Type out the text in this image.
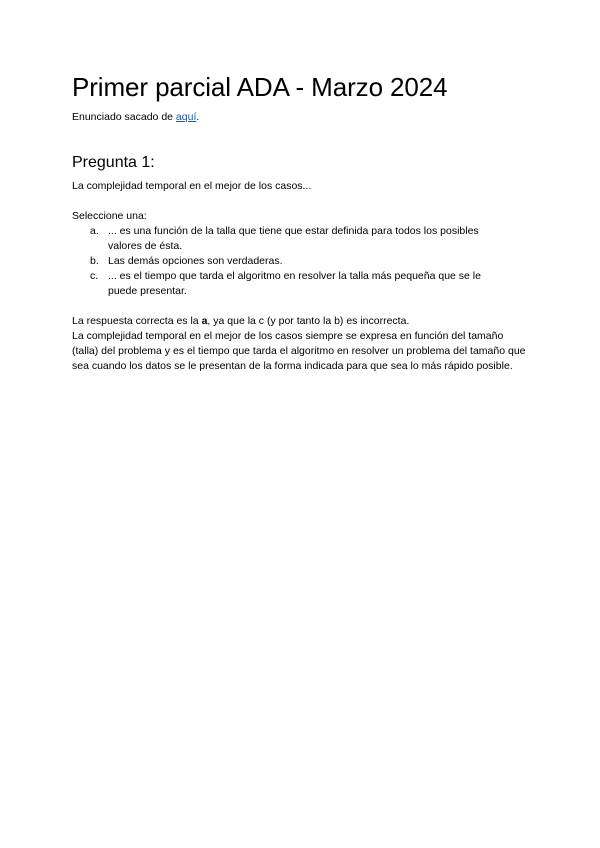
Primer parcial ADA - Marzo 2024
Enunciado sacado de aquí.
Pregunta 1:
La complejidad temporal en el mejor de los casos...
Seleccione una:
a. ... es una función de la talla que tiene que estar definida para todos los posibles valores de ésta.
b. Las demás opciones son verdaderas.
c. ... es el tiempo que tarda el algoritmo en resolver la talla más pequeña que se le puede presentar.
La respuesta correcta es la a, ya que la c (y por tanto la b) es incorrecta.
La complejidad temporal en el mejor de los casos siempre se expresa en función del tamaño (talla) del problema y es el tiempo que tarda el algoritmo en resolver un problema del tamaño que sea cuando los datos se le presentan de la forma indicada para que sea lo más rápido posible.
